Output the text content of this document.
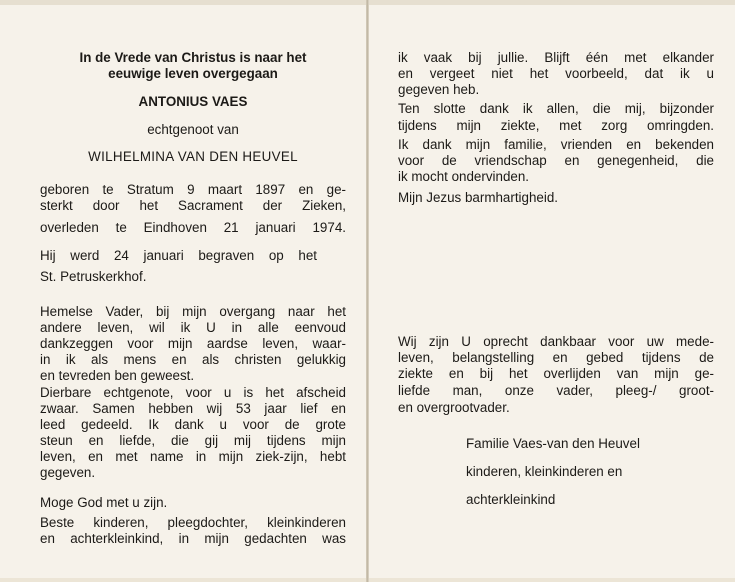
In de Vrede van Christus is naar het
eeuwige leven overgegaan
ANTONIUS VAES
echtgenoot van
WILHELMINA VAN DEN HEUVEL
geboren te Stratum 9 maart 1897 en ge-
sterkt door het Sacrament der Zieken,
overleden te Eindhoven 21 januari 1974.
Hij werd 24 januari begraven op het
St. Petruskerkhof.
Hemelse Vader, bij mijn overgang naar het
andere leven, wil ik U in alle eenvoud
dankzeggen voor mijn aardse leven, waar-
in ik als mens en als christen gelukkig
en tevreden ben geweest.
Dierbare echtgenote, voor u is het afscheid
zwaar. Samen hebben wij 53 jaar lief en
leed gedeeld. Ik dank u voor de grote
steun en liefde, die gij mij tijdens mijn
leven, en met name in mijn ziek-zijn, hebt
gegeven.
Moge God met u zijn.
Beste kinderen, pleegdochter, kleinkinderen
en achterkleinkind, in mijn gedachten was
ik vaak bij jullie. Blijft één met elkander
en vergeet niet het voorbeeld, dat ik u
gegeven heb.
Ten slotte dank ik allen, die mij, bijzonder
tijdens mijn ziekte, met zorg omringden.
Ik dank mijn familie, vrienden en bekenden
voor de vriendschap en genegenheid, die
ik mocht ondervinden.
Mijn Jezus barmhartigheid.
Wij zijn U oprecht dankbaar voor uw mede-
leven, belangstelling en gebed tijdens de
ziekte en bij het overlijden van mijn ge-
liefde man, onze vader, pleeg-/ groot-
en overgrootvader.
Familie Vaes-van den Heuvel
kinderen, kleinkinderen en
achterkleinkind
